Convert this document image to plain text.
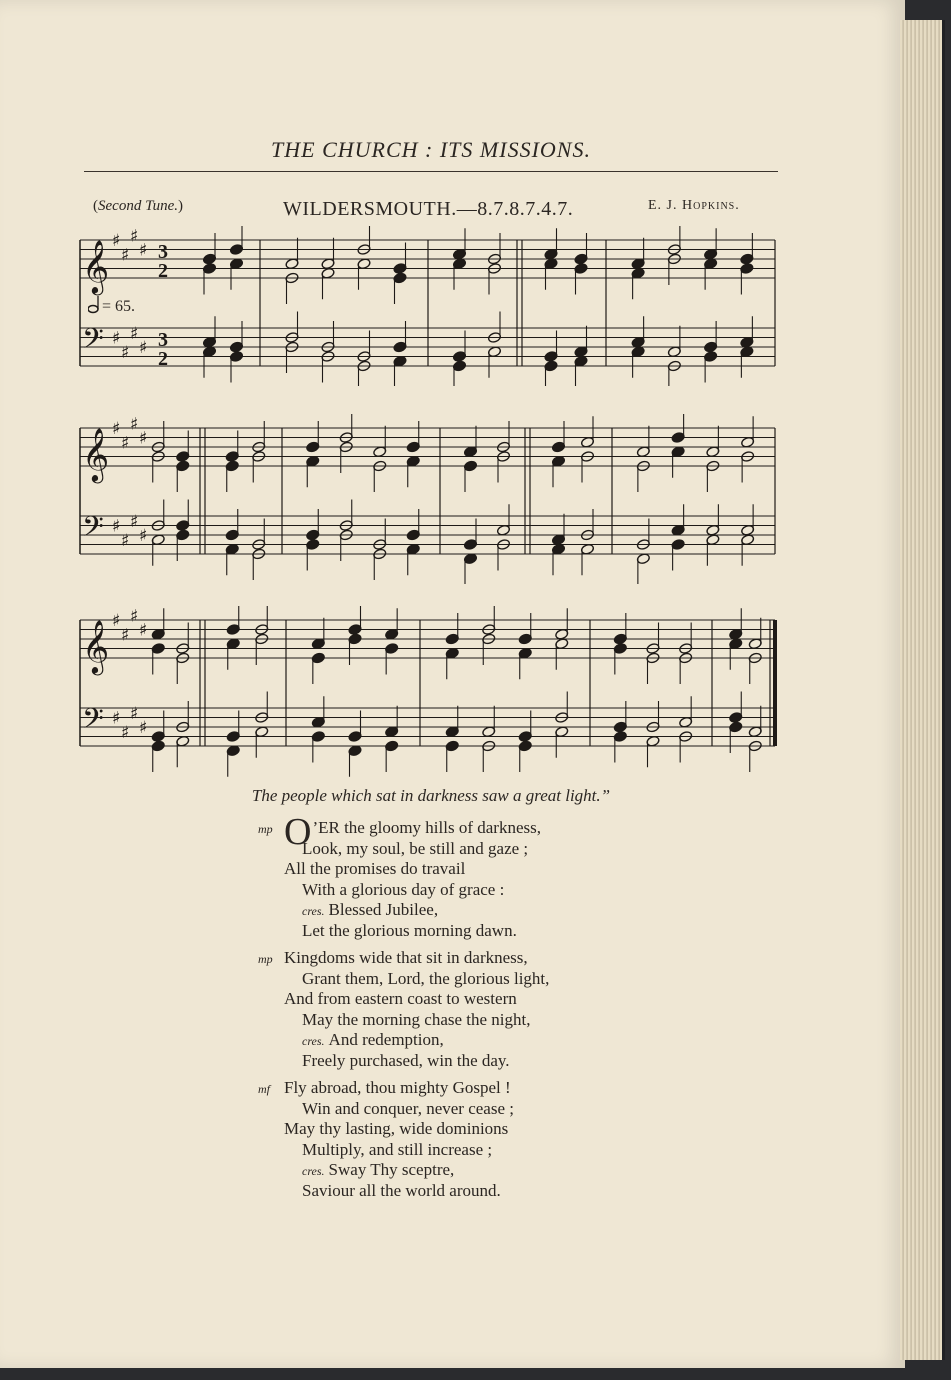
THE CHURCH : ITS MISSIONS.
(Second Tune.)	WILDERSMOUTH.—8.7.8.7.4.7.	E. J. Hopkins.
𝄞
𝄢
♯
♯
♯
♯
♯
♯
♯
♯
3
2
3
2
= 65.
𝄞
𝄢
♯
♯
♯
♯
♯
♯
♯
♯
𝄞
𝄢
♯
♯
♯
♯
♯
♯
♯
♯
The people which sat in darkness saw a great light.”
mp O’ER the gloomy hills of darkness,
Look, my soul, be still and gaze ;
All the promises do travail
With a glorious day of grace :
cres. Blessed Jubilee,
Let the glorious morning dawn.
mp Kingdoms wide that sit in darkness,
Grant them, Lord, the glorious light,
And from eastern coast to western
May the morning chase the night,
cres. And redemption,
Freely purchased, win the day.
mf Fly abroad, thou mighty Gospel !
Win and conquer, never cease ;
May thy lasting, wide dominions
Multiply, and still increase ;
cres. Sway Thy sceptre,
Saviour all the world around.
